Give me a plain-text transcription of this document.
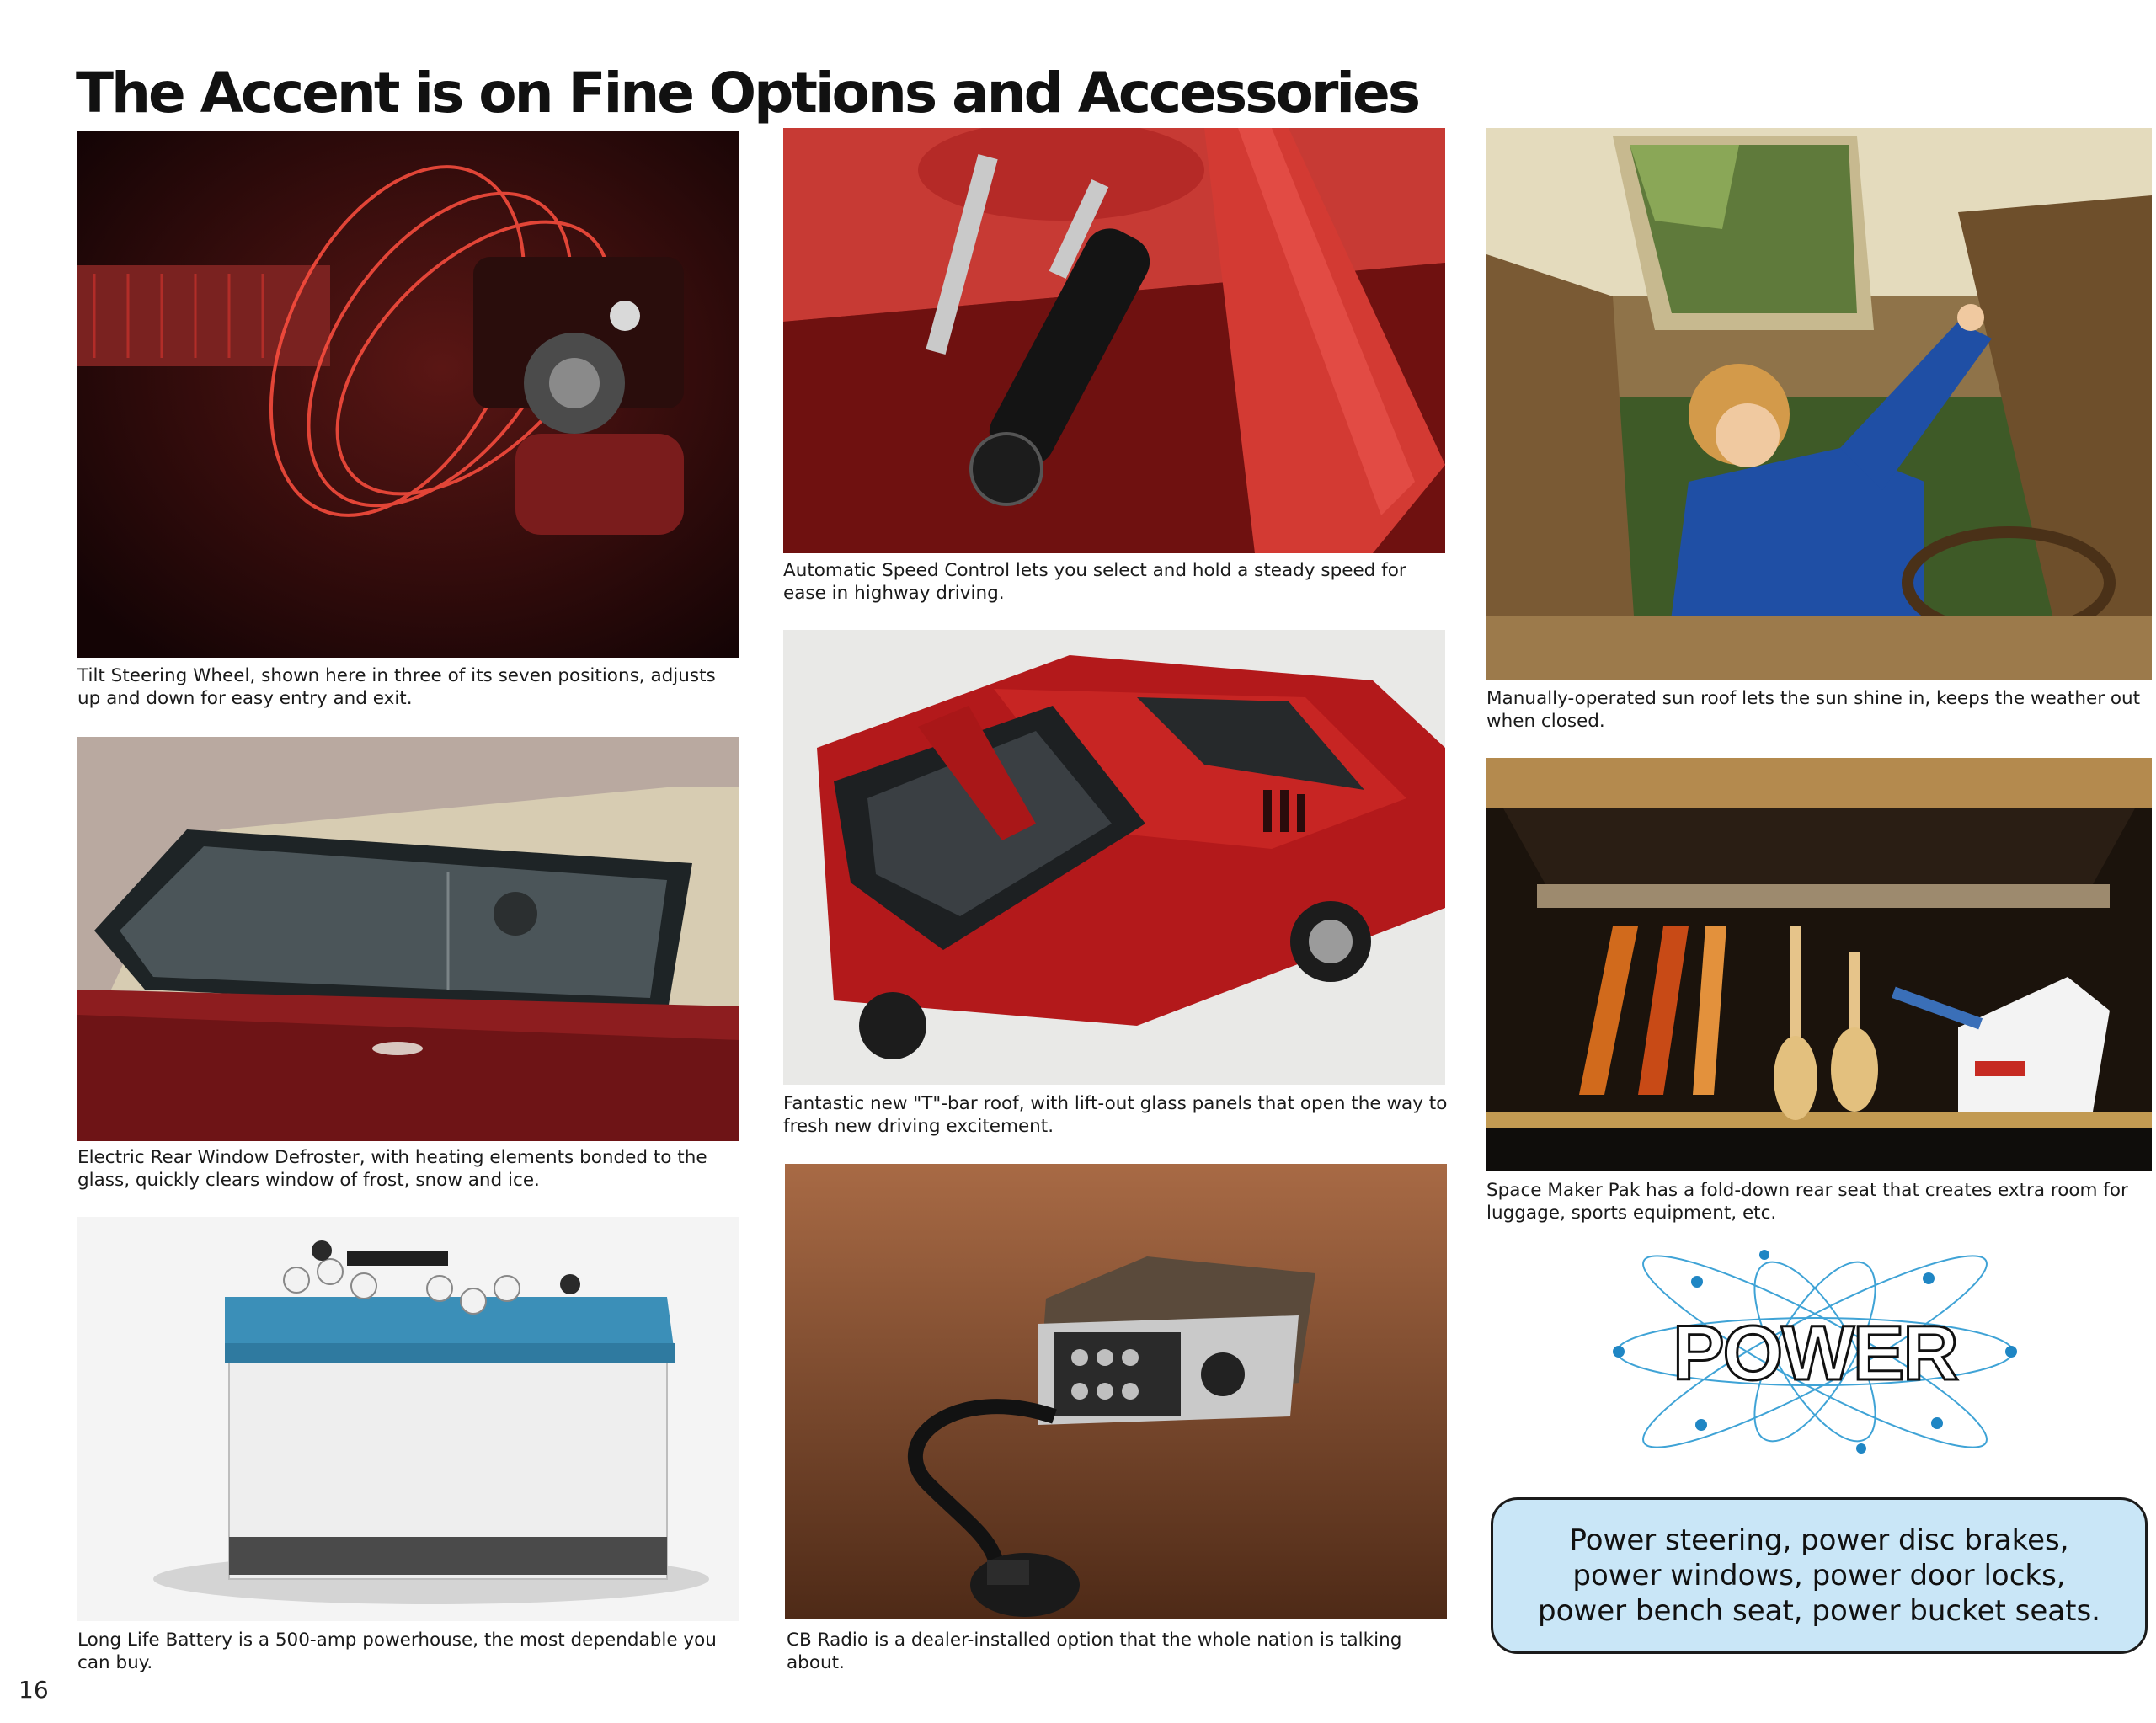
The Accent is on Fine Options and Accessories

Tilt Steering Wheel, shown here in three of its seven positions, adjusts up and down for easy entry and exit.

Electric Rear Window Defroster, with heating elements bonded to the glass, quickly clears window of frost, snow and ice.

Long Life Battery is a 500-amp powerhouse, the most dependable you can buy.

Automatic Speed Control lets you select and hold a steady speed for ease in highway driving.

Fantastic new "T"-bar roof, with lift-out glass panels that open the way to fresh new driving excitement.

CB Radio is a dealer-installed option that the whole nation is talking about.

Manually-operated sun roof lets the sun shine in, keeps the weather out when closed.

Space Maker Pak has a fold-down rear seat that creates extra room for luggage, sports equipment, etc.

POWER

Power steering, power disc brakes,
power windows, power door locks,
power bench seat, power bucket seats.

16
